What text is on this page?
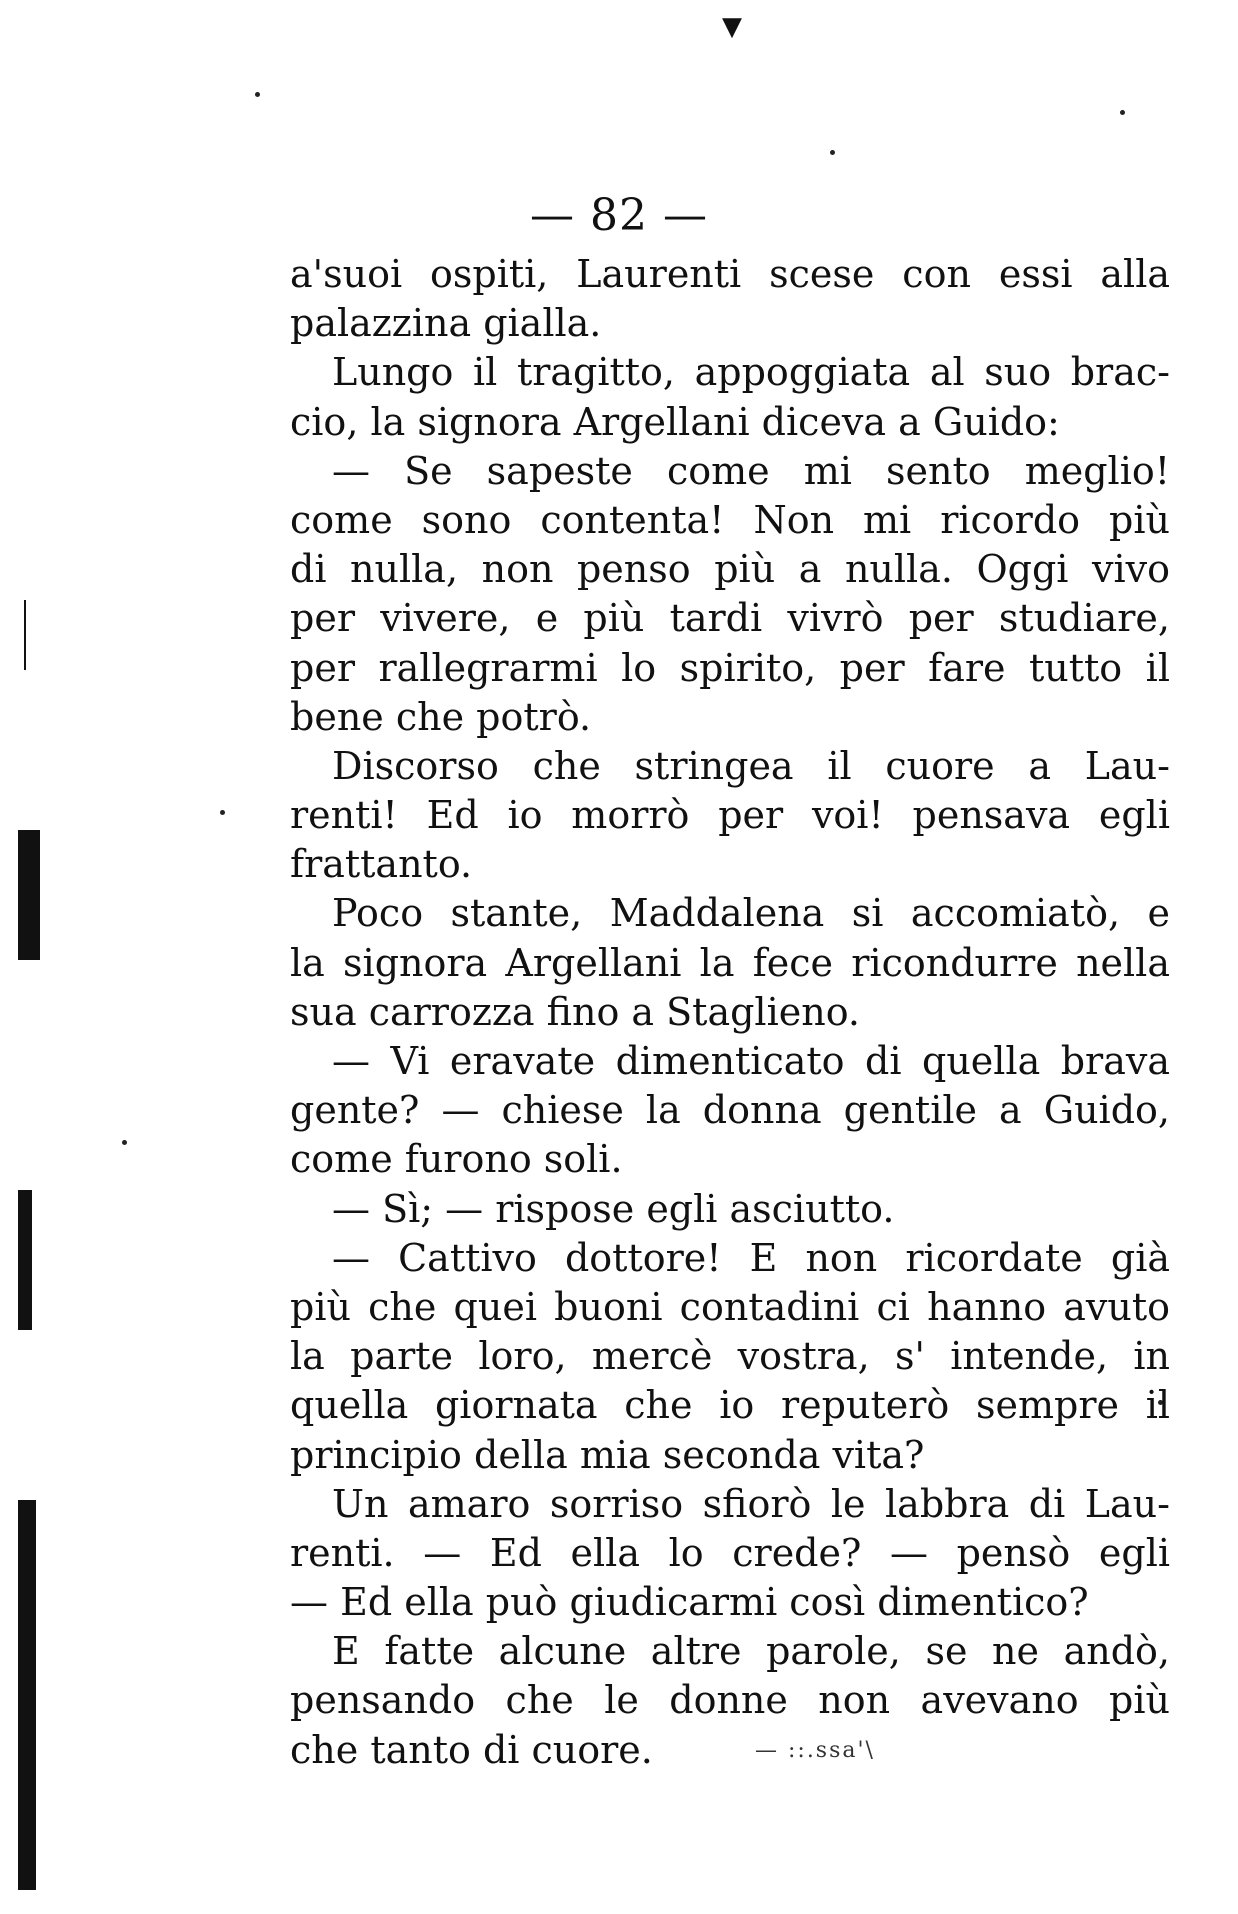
▼
— 82 —
a'suoi ospiti, Laurenti scese con essi alla
palazzina gialla.
Lungo il tragitto, appoggiata al suo brac-
cio, la signora Argellani diceva a Guido:
— Se sapeste come mi sento meglio!
come sono contenta! Non mi ricordo più
di nulla, non penso più a nulla. Oggi vivo
per vivere, e più tardi vivrò per studiare,
per rallegrarmi lo spirito, per fare tutto il
bene che potrò.
Discorso che stringea il cuore a Lau-
renti! Ed io morrò per voi! pensava egli
frattanto.
Poco stante, Maddalena si accomiatò, e
la signora Argellani la fece ricondurre nella
sua carrozza fino a Staglieno.
— Vi eravate dimenticato di quella brava
gente? — chiese la donna gentile a Guido,
come furono soli.
— Sì; — rispose egli asciutto.
— Cattivo dottore! E non ricordate già
più che quei buoni contadini ci hanno avuto
la parte loro, mercè vostra, s' intende, in
quella giornata che io reputerò sempre il
principio della mia seconda vita?
Un amaro sorriso sfiorò le labbra di Lau-
renti. — Ed ella lo crede? — pensò egli
— Ed ella può giudicarmi così dimentico?
E fatte alcune altre parole, se ne andò,
pensando che le donne non avevano più
che tanto di cuore.	— ::.ssa'\
